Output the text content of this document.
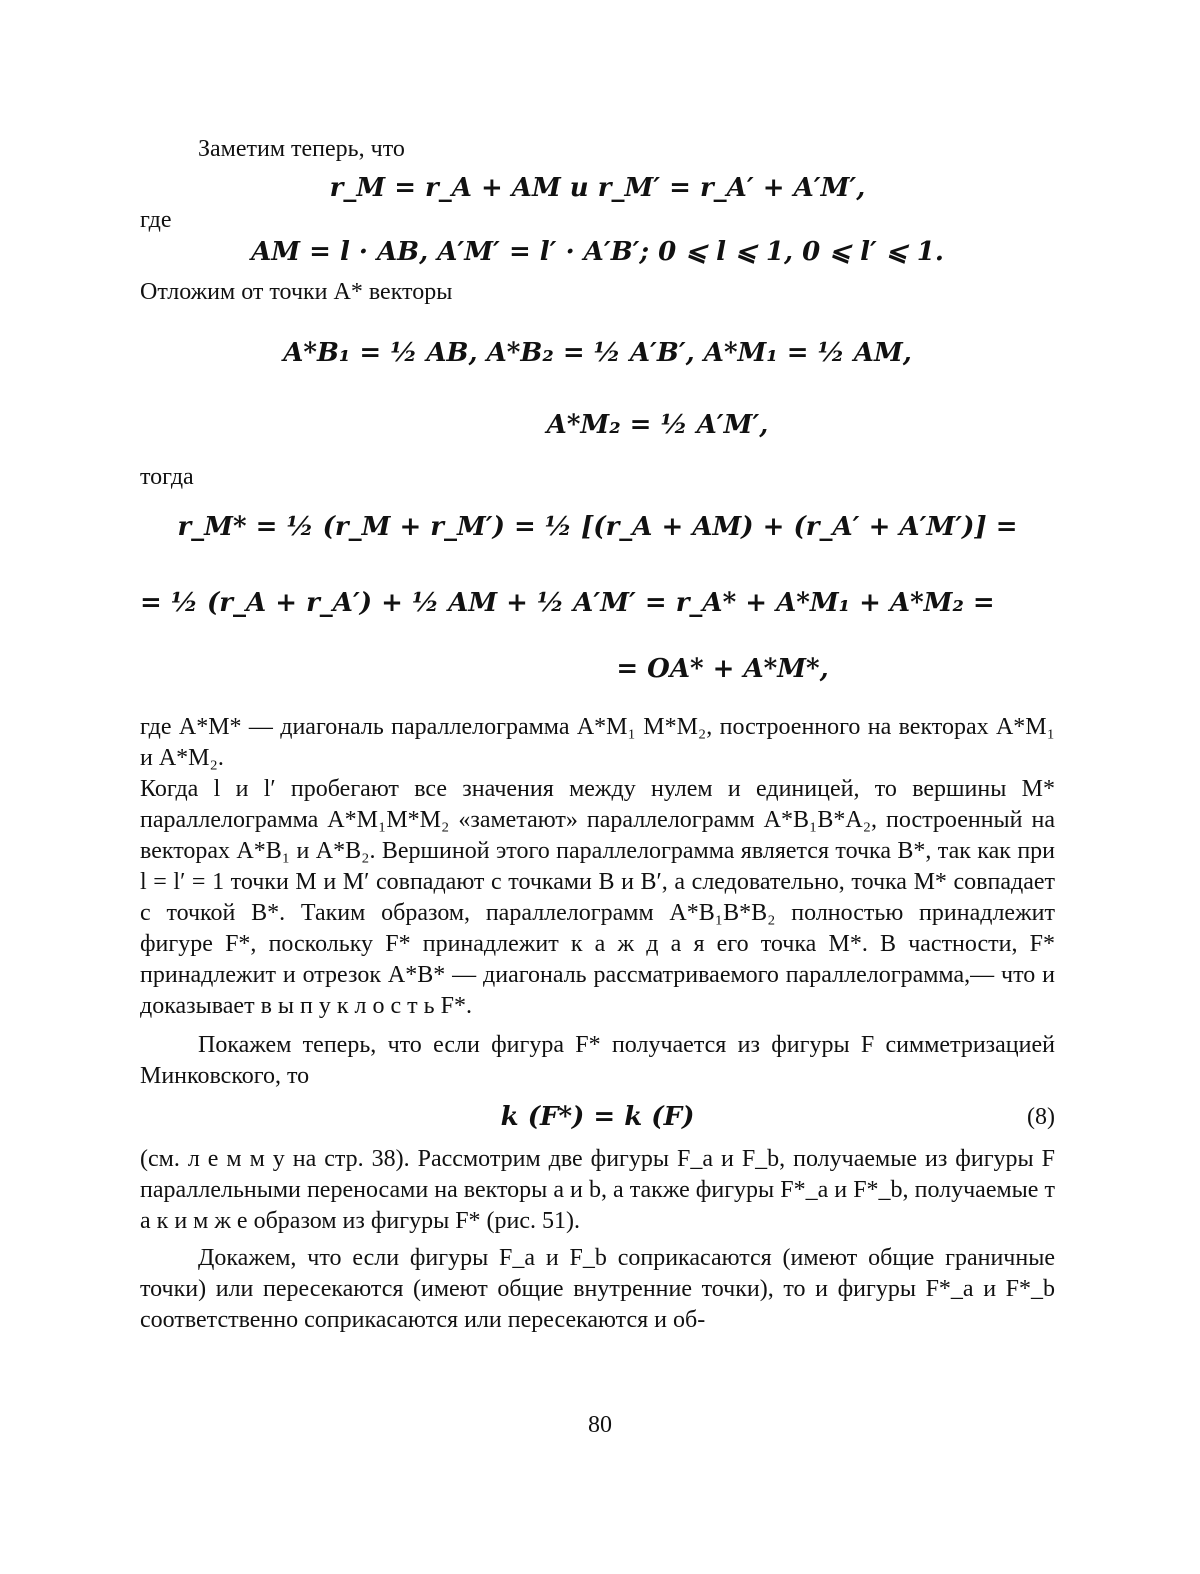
Заметим теперь, что

r_M = r_A + AM и r_M′ = r_A′ + A′M′,

где

AM = l · AB, A′M′ = l′ · A′B′; 0 ⩽ l ⩽ 1, 0 ⩽ l′ ⩽ 1.

Отложим от точки A* векторы

A*B₁ = ½ AB, A*B₂ = ½ A′B′, A*M₁ = ½ AM,

A*M₂ = ½ A′M′,

тогда

r_M* = ½ (r_M + r_M′) = ½ [(r_A + AM) + (r_A′ + A′M′)] =

= ½ (r_A + r_A′) + ½ AM + ½ A′M′ = r_A* + A*M₁ + A*M₂ =

= OA* + A*M*,

где A*M* — диагональ параллелограмма A*M₁ M*M₂, построенного на векторах A*M₁ и A*M₂.

Когда l и l′ пробегают все значения между нулем и единицей, то вершины M* параллелограмма A*M₁M*M₂ «заметают» параллелограмм A*B₁B*A₂, построенный на векторах A*B₁ и A*B₂. Вершиной этого параллелограмма является точка B*, так как при l = l′ = 1 точки M и M′ совпадают с точками B и B′, а следовательно, точка M* совпадает с точкой B*. Таким образом, параллелограмм A*B₁B*B₂ полностью принадлежит фигуре F*, поскольку F* принадлежит к а ж д а я его точка M*. В частности, F* принадлежит и отрезок A*B* — диагональ рассматриваемого параллелограмма,— что и доказывает в ы п у к л о с т ь F*.

Покажем теперь, что если фигура F* получается из фигуры F симметризацией Минковского, то

k (F*) = k (F)	(8)

(см. л е м м у на стр. 38). Рассмотрим две фигуры F_a и F_b, получаемые из фигуры F параллельными переносами на векторы a и b, а также фигуры F*_a и F*_b, получаемые т а к и м ж е образом из фигуры F* (рис. 51).

Докажем, что если фигуры F_a и F_b соприкасаются (имеют общие граничные точки) или пересекаются (имеют общие внутренние точки), то и фигуры F*_a и F*_b соответственно соприкасаются или пересекаются и об-

80
